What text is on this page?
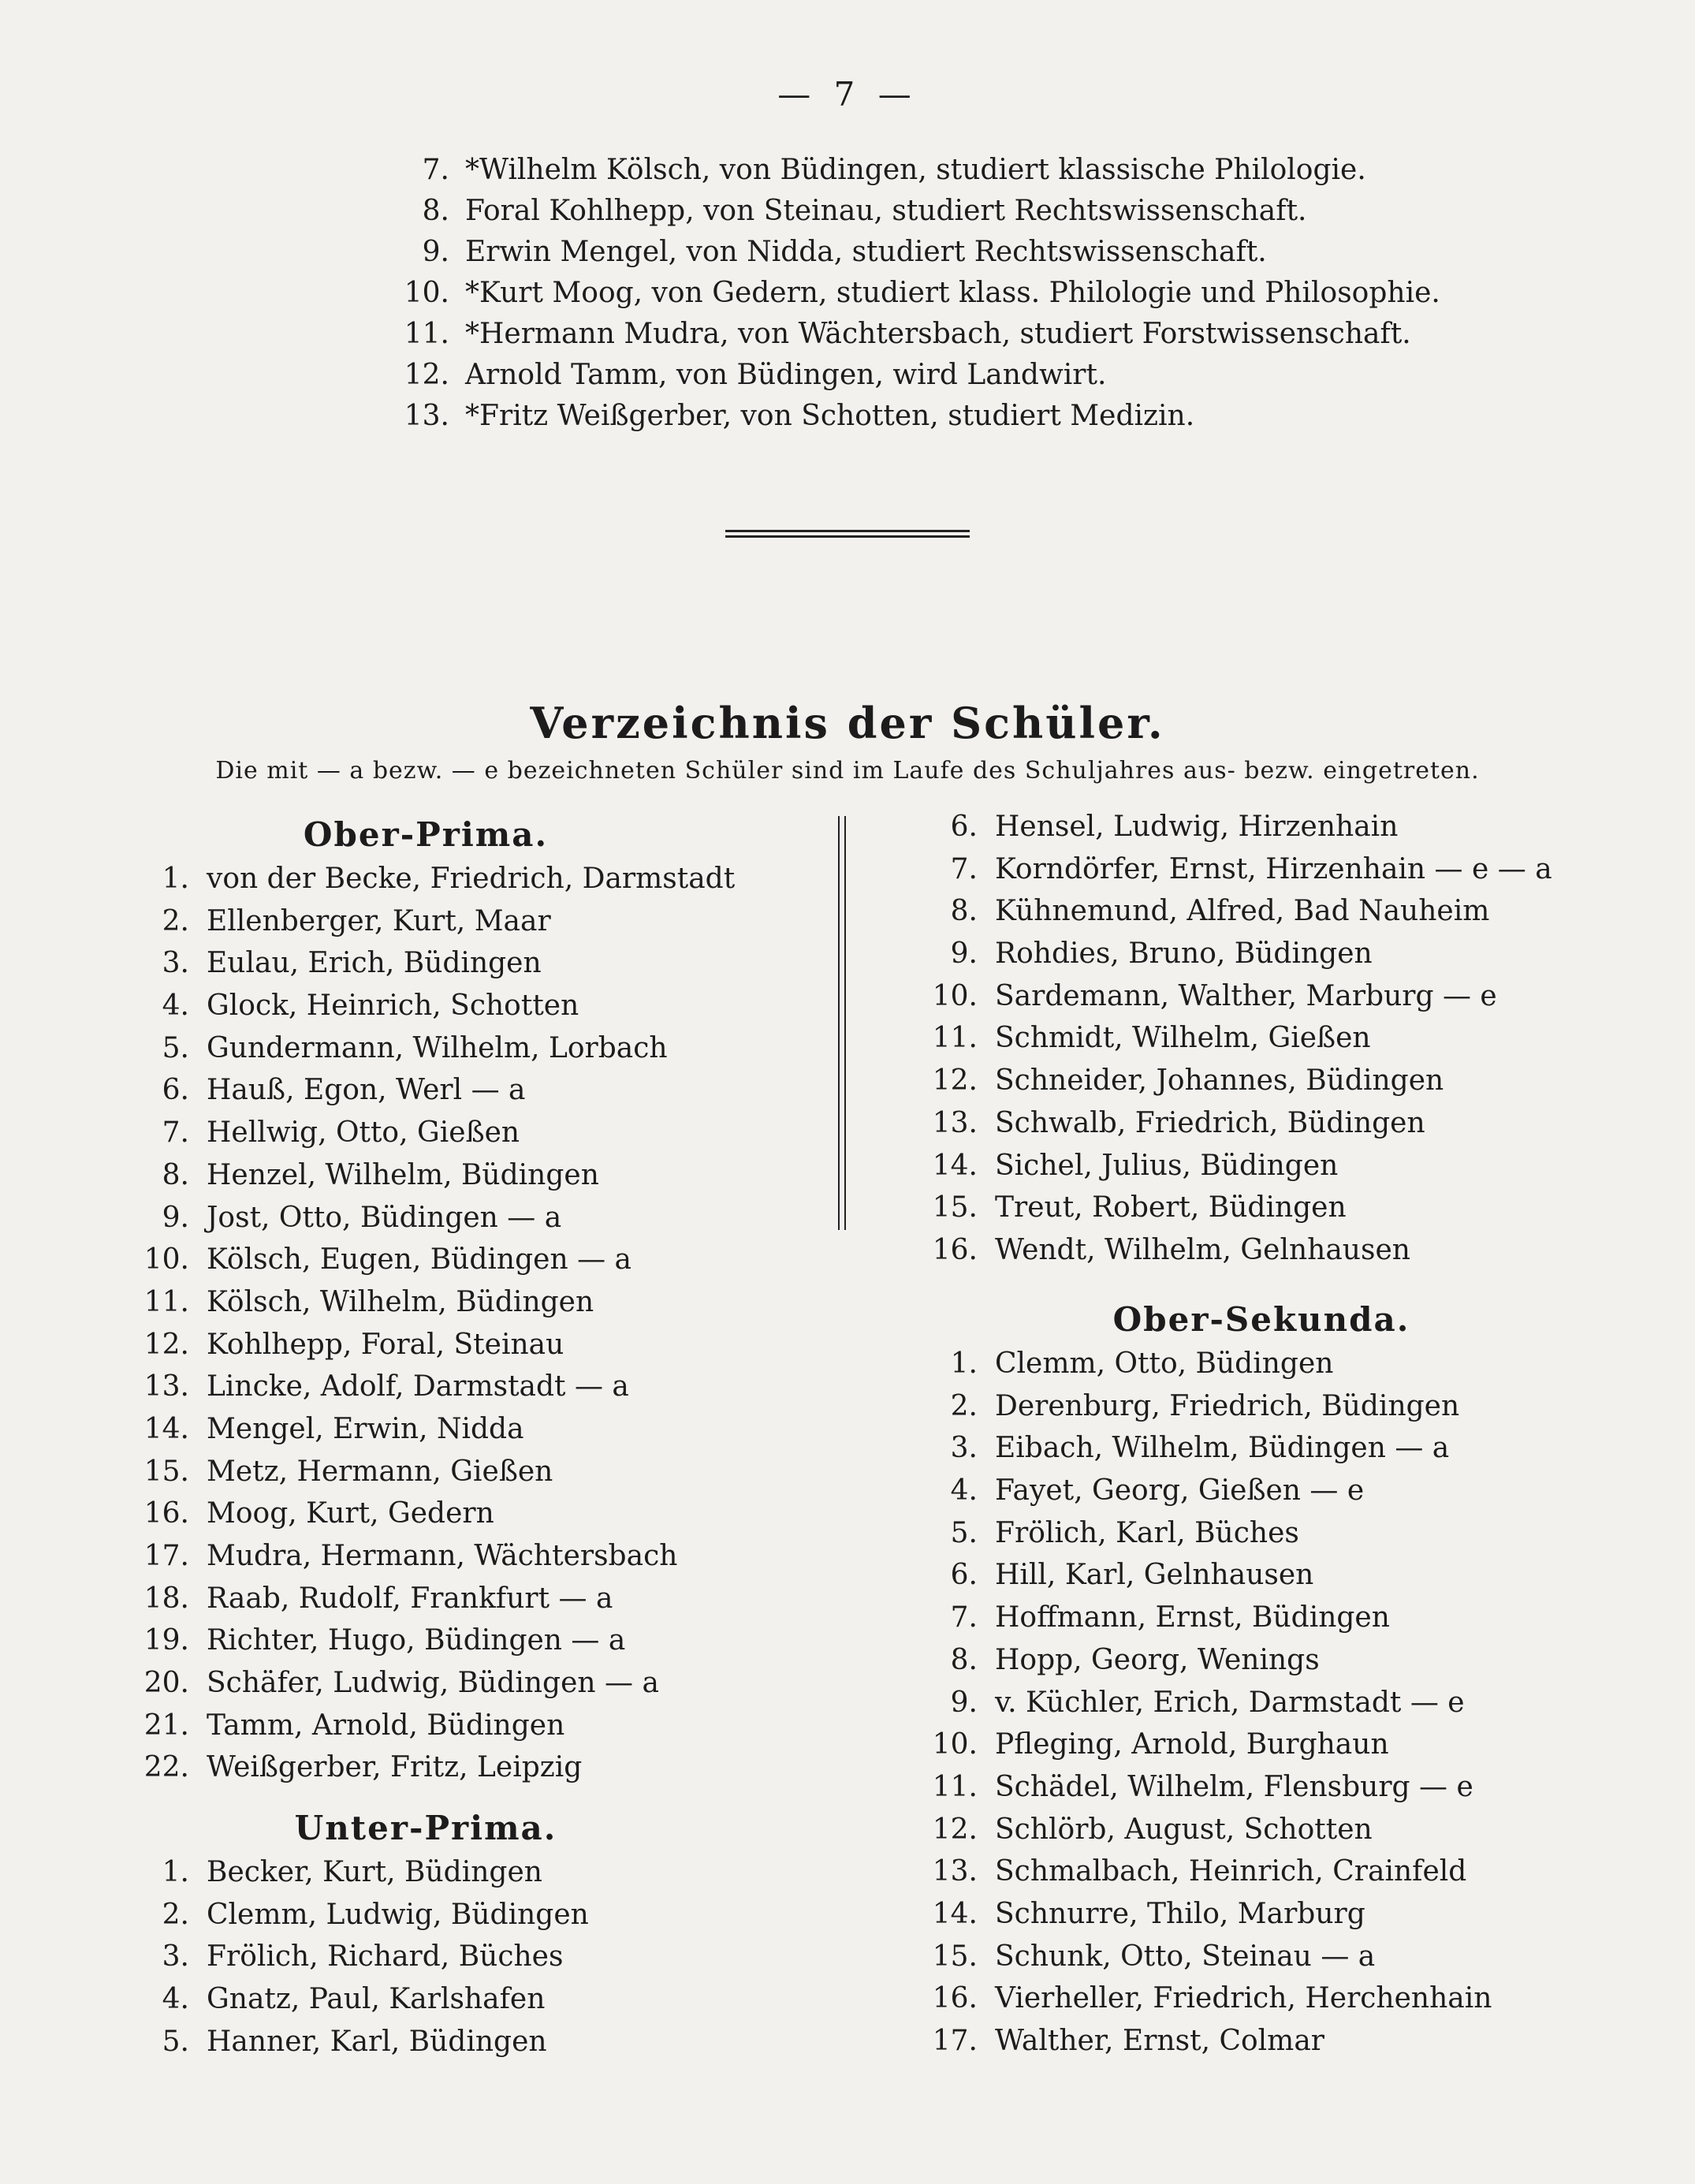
— 7 —
7. *Wilhelm Kölsch, von Büdingen, studiert klassische Philologie.
8. Foral Kohlhepp, von Steinau, studiert Rechtswissenschaft.
9. Erwin Mengel, von Nidda, studiert Rechtswissenschaft.
10. *Kurt Moog, von Gedern, studiert klass. Philologie und Philosophie.
11. *Hermann Mudra, von Wächtersbach, studiert Forstwissenschaft.
12. Arnold Tamm, von Büdingen, wird Landwirt.
13. *Fritz Weißgerber, von Schotten, studiert Medizin.
Verzeichnis der Schüler.
Die mit — a bezw. — e bezeichneten Schüler sind im Laufe des Schuljahres aus- bezw. eingetreten.
Ober-Prima.
1. von der Becke, Friedrich, Darmstadt
2. Ellenberger, Kurt, Maar
3. Eulau, Erich, Büdingen
4. Glock, Heinrich, Schotten
5. Gundermann, Wilhelm, Lorbach
6. Hauß, Egon, Werl — a
7. Hellwig, Otto, Gießen
8. Henzel, Wilhelm, Büdingen
9. Jost, Otto, Büdingen — a
10. Kölsch, Eugen, Büdingen — a
11. Kölsch, Wilhelm, Büdingen
12. Kohlhepp, Foral, Steinau
13. Lincke, Adolf, Darmstadt — a
14. Mengel, Erwin, Nidda
15. Metz, Hermann, Gießen
16. Moog, Kurt, Gedern
17. Mudra, Hermann, Wächtersbach
18. Raab, Rudolf, Frankfurt — a
19. Richter, Hugo, Büdingen — a
20. Schäfer, Ludwig, Büdingen — a
21. Tamm, Arnold, Büdingen
22. Weißgerber, Fritz, Leipzig
Unter-Prima.
1. Becker, Kurt, Büdingen
2. Clemm, Ludwig, Büdingen
3. Frölich, Richard, Büches
4. Gnatz, Paul, Karlshafen
5. Hanner, Karl, Büdingen
6. Hensel, Ludwig, Hirzenhain
7. Korndörfer, Ernst, Hirzenhain — e — a
8. Kühnemund, Alfred, Bad Nauheim
9. Rohdies, Bruno, Büdingen
10. Sardemann, Walther, Marburg — e
11. Schmidt, Wilhelm, Gießen
12. Schneider, Johannes, Büdingen
13. Schwalb, Friedrich, Büdingen
14. Sichel, Julius, Büdingen
15. Treut, Robert, Büdingen
16. Wendt, Wilhelm, Gelnhausen
Ober-Sekunda.
1. Clemm, Otto, Büdingen
2. Derenburg, Friedrich, Büdingen
3. Eibach, Wilhelm, Büdingen — a
4. Fayet, Georg, Gießen — e
5. Frölich, Karl, Büches
6. Hill, Karl, Gelnhausen
7. Hoffmann, Ernst, Büdingen
8. Hopp, Georg, Wenings
9. v. Küchler, Erich, Darmstadt — e
10. Pfleging, Arnold, Burghaun
11. Schädel, Wilhelm, Flensburg — e
12. Schlörb, August, Schotten
13. Schmalbach, Heinrich, Crainfeld
14. Schnurre, Thilo, Marburg
15. Schunk, Otto, Steinau — a
16. Vierheller, Friedrich, Herchenhain
17. Walther, Ernst, Colmar
